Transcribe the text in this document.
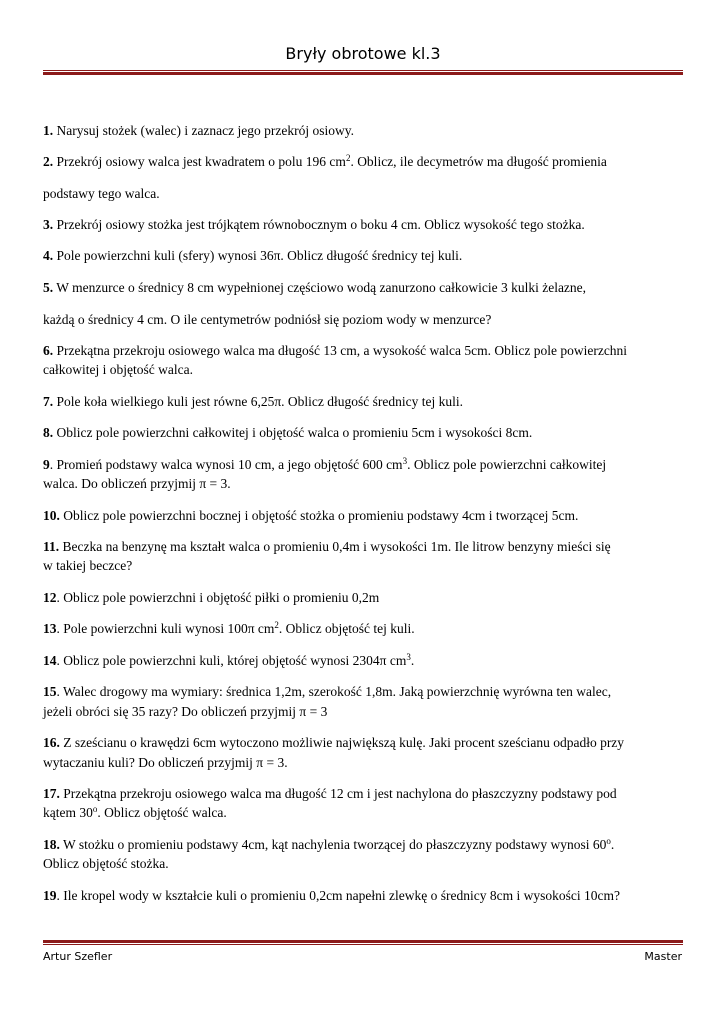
Bryły obrotowe kl.3
1. Narysuj stożek (walec) i zaznacz jego przekrój osiowy.
2. Przekrój osiowy walca jest kwadratem o polu 196 $cm^2$. Oblicz, ile decymetrów ma długość promienia
podstawy tego walca.
3. Przekrój osiowy stożka jest trójkątem równobocznym o boku 4 cm. Oblicz wysokość tego stożka.
4. Pole powierzchni kuli (sfery) wynosi 36π. Oblicz długość średnicy tej kuli.
5. W menzurce o średnicy 8 cm wypełnionej częściowo wodą zanurzono całkowicie 3 kulki żelazne,
każdą o średnicy 4 cm. O ile centymetrów podniósł się poziom wody w menzurce?
6. Przekątna przekroju osiowego walca ma długość 13 cm, a wysokość walca 5cm. Oblicz pole powierzchni
całkowitej i objętość walca.
7. Pole koła wielkiego kuli jest równe 6,25π. Oblicz długość średnicy tej kuli.
8. Oblicz pole powierzchni całkowitej i objętość walca o promieniu 5cm i wysokości 8cm.
9. Promień podstawy walca wynosi 10 cm, a jego objętość 600 $cm^3$. Oblicz pole powierzchni całkowitej
walca. Do obliczeń przyjmij π = 3.
10. Oblicz pole powierzchni bocznej i objętość stożka o promieniu podstawy 4cm i tworzącej 5cm.
11. Beczka na benzynę ma kształt walca o promieniu 0,4m i wysokości 1m. Ile litrow benzyny mieści się
w takiej beczce?
12. Oblicz pole powierzchni i objętość piłki o promieniu 0,2m
13. Pole powierzchni kuli wynosi 100π $cm^2$. Oblicz objętość tej kuli.
14. Oblicz pole powierzchni kuli, której objętość wynosi 2304π $cm^3$.
15. Walec drogowy ma wymiary: średnica 1,2m, szerokość 1,8m. Jaką powierzchnię wyrówna ten walec,
jeżeli obróci się 35 razy? Do obliczeń przyjmij π = 3
16. Z sześcianu o krawędzi 6cm wytoczono możliwie największą kulę. Jaki procent sześcianu odpadło przy
wytaczaniu kuli? Do obliczeń przyjmij π = 3.
17. Przekątna przekroju osiowego walca ma długość 12 cm i jest nachylona do płaszczyzny podstawy pod
kątem 30$^o$. Oblicz objętość walca.
18. W stożku o promieniu podstawy 4cm, kąt nachylenia tworzącej do płaszczyzny podstawy wynosi 60$^o$.
Oblicz objętość stożka.
19. Ile kropel wody w kształcie kuli o promieniu 0,2cm napełni zlewkę o średnicy 8cm i wysokości 10cm?
Artur Szefler	Master
